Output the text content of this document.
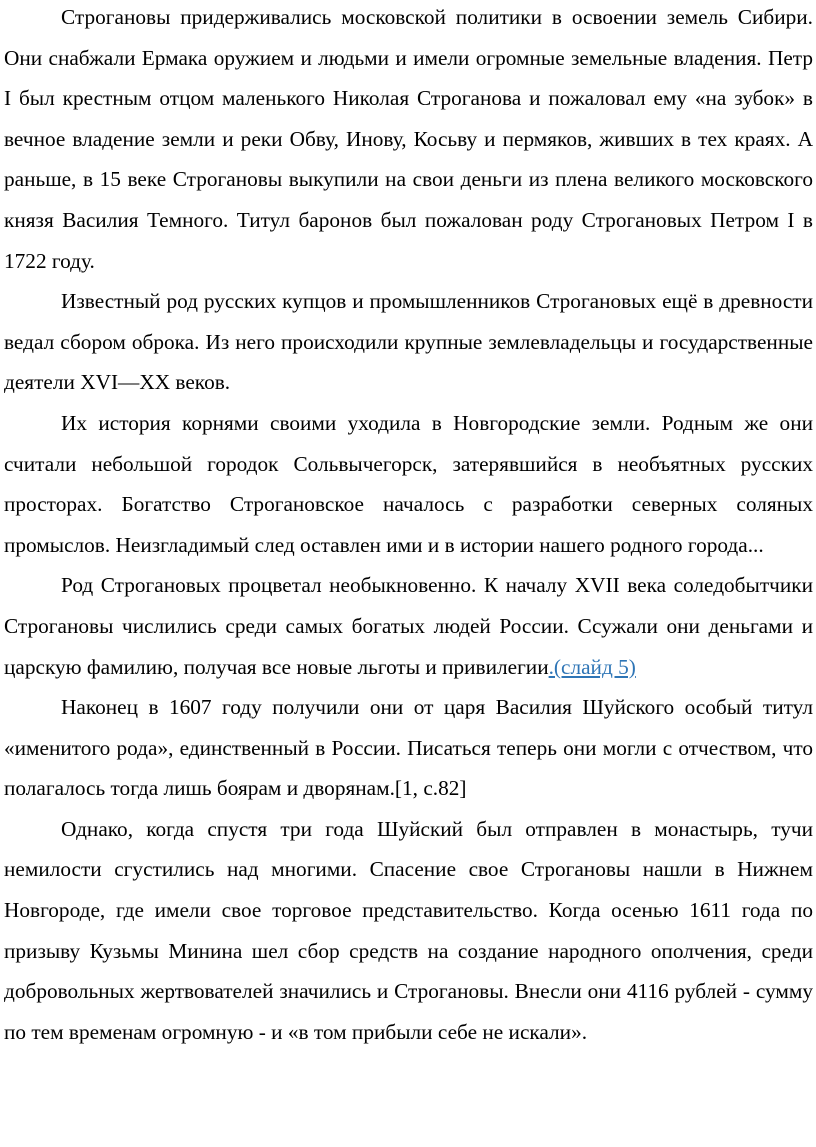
Строгановы придерживались московской политики в освоении земель Сибири. Они снабжали Ермака оружием и людьми и имели огромные земельные владения. Петр I был крестным отцом маленького Николая Строганова и пожаловал ему «на зубок» в вечное владение земли и реки Обву, Инову, Косьву и пермяков, живших в тех краях. А раньше, в 15 веке Строгановы выкупили на свои деньги из плена великого московского князя Василия Темного. Титул баронов был пожалован роду Строгановых Петром I в 1722 году.

Известный род русских купцов и промышленников Строгановых ещё в древности ведал сбором оброка. Из него происходили крупные землевладельцы и государственные деятели XVI—XX веков.

Их история корнями своими уходила в Новгородские земли. Родным же они считали небольшой городок Сольвычегорск, затерявшийся в необъятных русских просторах. Богатство Строгановское началось с разработки северных соляных промыслов. Неизгладимый след оставлен ими и в истории нашего родного города...

Род Строгановых процветал необыкновенно. К началу XVII века соледобытчики Строгановы числились среди самых богатых людей России. Ссужали они деньгами и царскую фамилию, получая все новые льготы и привилегии.(слайд 5)

Наконец в 1607 году получили они от царя Василия Шуйского особый титул «именитого рода», единственный в России. Писаться теперь они могли с отчеством, что полагалось тогда лишь боярам и дворянам.[1, с.82]

Однако, когда спустя три года Шуйский был отправлен в монастырь, тучи немилости сгустились над многими. Спасение свое Строгановы нашли в Нижнем Новгороде, где имели свое торговое представительство. Когда осенью 1611 года по призыву Кузьмы Минина шел сбор средств на создание народного ополчения, среди добровольных жертвователей значились и Строгановы. Внесли они 4116 рублей - сумму по тем временам огромную - и «в том прибыли себе не искали».
